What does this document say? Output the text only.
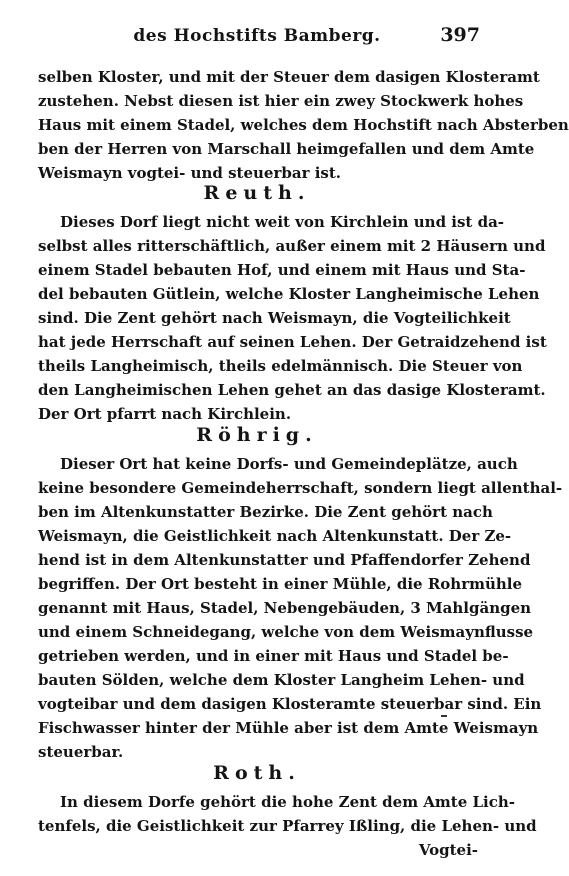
des Hochstifts Bamberg.	397
selben Kloster, und mit der Steuer dem dasigen Klosteramt
zustehen. Nebst diesen ist hier ein zwey Stockwerk hohes
Haus mit einem Stadel, welches dem Hochstift nach Absterben
ben der Herren von Marschall heimgefallen und dem Amte
Weismayn vogtei- und steuerbar ist.
Reuth.
Dieses Dorf liegt nicht weit von Kirchlein und ist da-
selbst alles ritterschäftlich, außer einem mit 2 Häusern und
einem Stadel bebauten Hof, und einem mit Haus und Sta-
del bebauten Gütlein, welche Kloster Langheimische Lehen
sind. Die Zent gehört nach Weismayn, die Vogteilichkeit
hat jede Herrschaft auf seinen Lehen. Der Getraidzehend ist
theils Langheimisch, theils edelmännisch. Die Steuer von
den Langheimischen Lehen gehet an das dasige Klosteramt.
Der Ort pfarrt nach Kirchlein.
Röhrig.
Dieser Ort hat keine Dorfs- und Gemeindeplätze, auch
keine besondere Gemeindeherrschaft, sondern liegt allenthal-
ben im Altenkunstatter Bezirke. Die Zent gehört nach
Weismayn, die Geistlichkeit nach Altenkunstatt. Der Ze-
hend ist in dem Altenkunstatter und Pfaffendorfer Zehend
begriffen. Der Ort besteht in einer Mühle, die Rohrmühle
genannt mit Haus, Stadel, Nebengebäuden, 3 Mahlgängen
und einem Schneidegang, welche von dem Weismaynflusse
getrieben werden, und in einer mit Haus und Stadel be-
bauten Sölden, welche dem Kloster Langheim Lehen- und
vogteibar und dem dasigen Klosteramte steuerbar sind. Ein
Fischwasser hinter der Mühle aber ist dem Amte Weismayn
steuerbar.
Roth.
In diesem Dorfe gehört die hohe Zent dem Amte Lich-
tenfels, die Geistlichkeit zur Pfarrey Ißling, die Lehen- und
Vogtei-
